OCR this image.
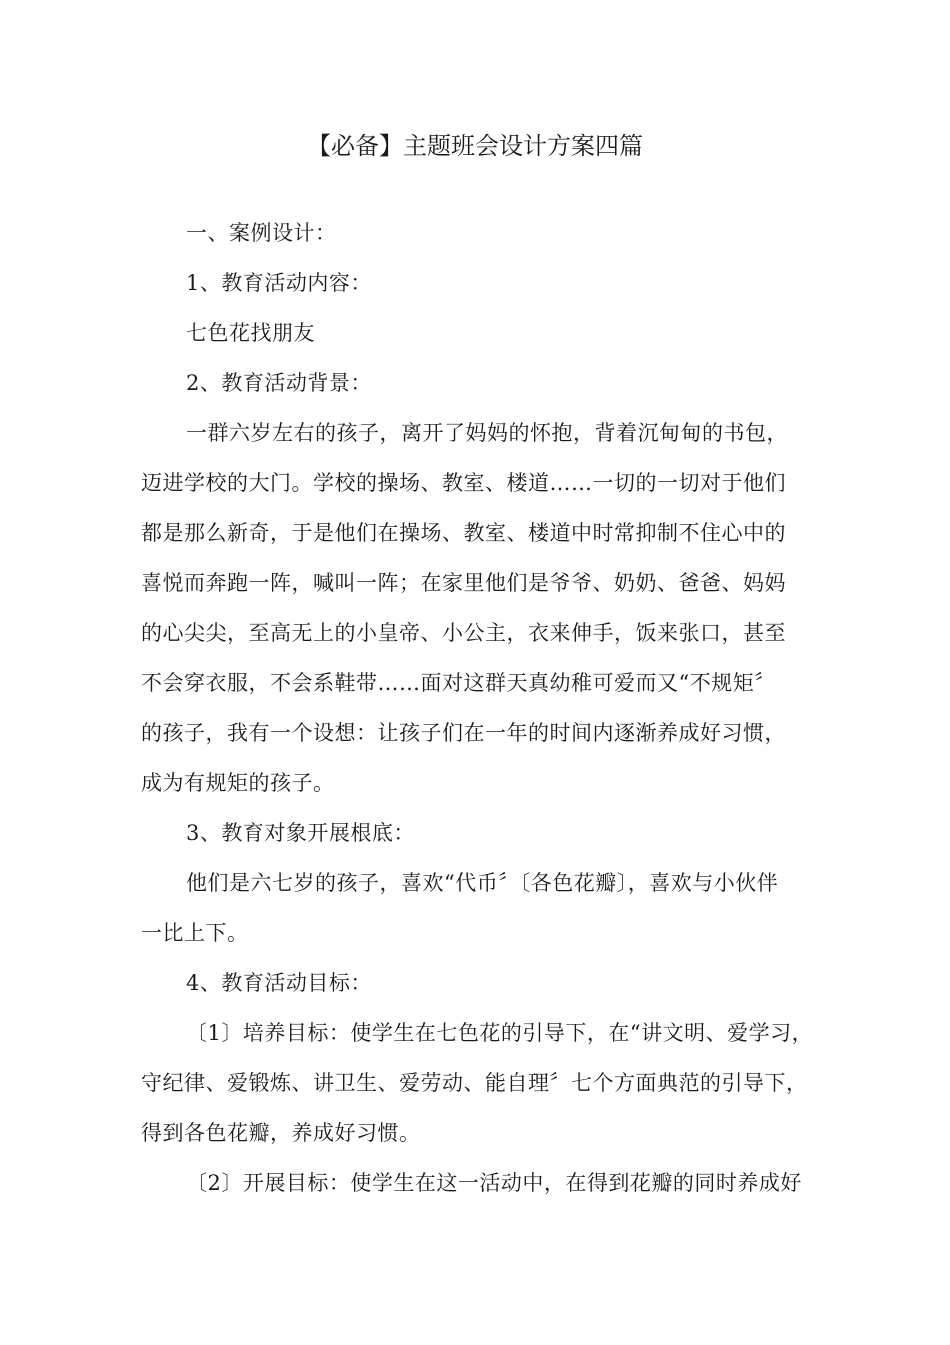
【必备】主题班会设计方案四篇
一、案例设计：
1、教育活动内容：
七色花找朋友
2、教育活动背景：
一群六岁左右的孩子，离开了妈妈的怀抱，背着沉甸甸的书包，
迈进学校的大门。学校的操场、教室、楼道……一切的一切对于他们
都是那么新奇，于是他们在操场、教室、楼道中时常抑制不住心中的
喜悦而奔跑一阵，喊叫一阵；在家里他们是爷爷、奶奶、爸爸、妈妈
的心尖尖，至高无上的小皇帝、小公主，衣来伸手，饭来张口，甚至
不会穿衣服，不会系鞋带……面对这群天真幼稚可爱而又“不规矩〞
的孩子，我有一个设想：让孩子们在一年的时间内逐渐养成好习惯，
成为有规矩的孩子。
3、教育对象开展根底：
他们是六七岁的孩子，喜欢“代币〞〔各色花瓣〕，喜欢与小伙伴
一比上下。
4、教育活动目标：
〔1〕培养目标：使学生在七色花的引导下，在“讲文明、爱学习，
守纪律、爱锻炼、讲卫生、爱劳动、能自理〞七个方面典范的引导下，
得到各色花瓣，养成好习惯。
〔2〕开展目标：使学生在这一活动中，在得到花瓣的同时养成好
